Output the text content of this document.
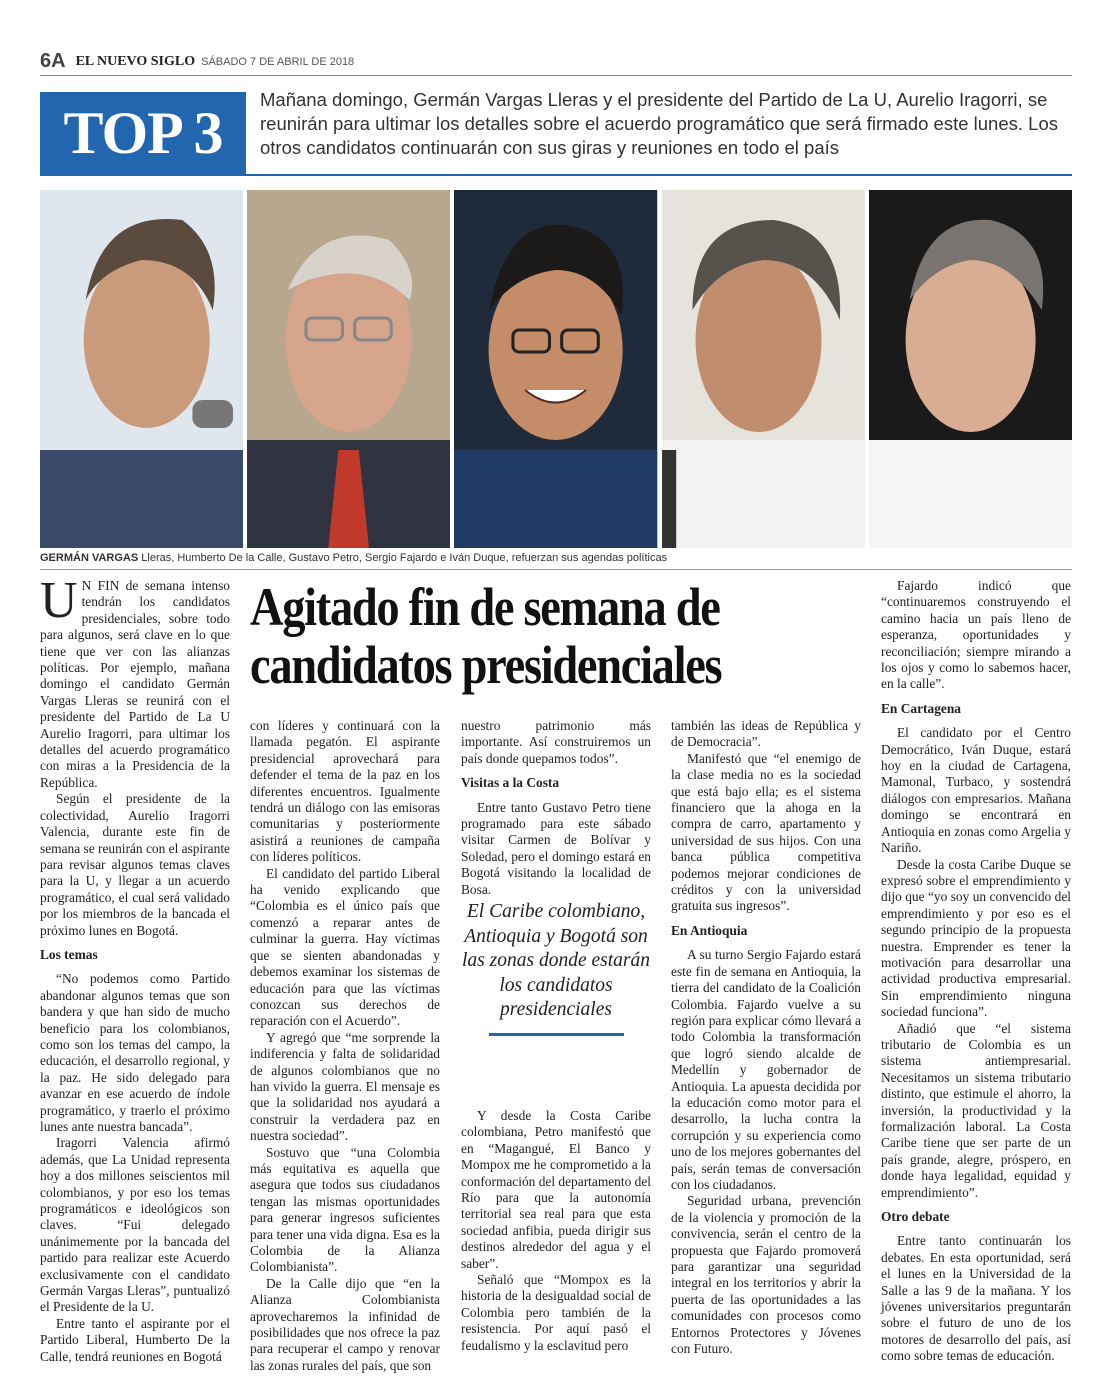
6A EL NUEVO SIGLO SÁBADO 7 DE ABRIL DE 2018
TOP 3	Mañana domingo, Germán Vargas Lleras y el presidente del Partido de La U, Aurelio Iragorri, se reunirán para ultimar los detalles sobre el acuerdo programático que será firmado este lunes. Los otros candidatos continuarán con sus giras y reuniones en todo el país
GERMÁN VARGAS Lleras, Humberto De la Calle, Gustavo Petro, Sergio Fajardo e Iván Duque, refuerzan sus agendas políticas
Agitado fin de semana de
candidatos presidenciales

U N FIN de semana intenso tendrán los candidatos presidenciales, sobre todo para algunos, será clave en lo que tiene que ver con las alianzas políticas. Por ejemplo, mañana domingo el candidato Germán Vargas Lleras se reunirá con el presidente del Partido de La U Aurelio Iragorri, para ultimar los detalles del acuerdo programático con miras a la Presidencia de la República.

Según el presidente de la colectividad, Aurelio Iragorri Valencia, durante este fin de semana se reunirán con el aspirante para revisar algunos temas claves para la U, y llegar a un acuerdo programático, el cual será validado por los miembros de la bancada el próximo lunes en Bogotá.

Los temas

“No podemos como Partido abandonar algunos temas que son bandera y que han sido de mucho beneficio para los colombianos, como son los temas del campo, la educación, el desarrollo regional, y la paz. He sido delegado para avanzar en ese acuerdo de índole programático, y traerlo el próximo lunes ante nuestra bancada”.

Iragorri Valencia afirmó además, que La Unidad representa hoy a dos millones seiscientos mil colombianos, y por eso los temas programáticos e ideológicos son claves. “Fui delegado unánimemente por la bancada del partido para realizar este Acuerdo exclusivamente con el candidato Germán Vargas Lleras”, puntualizó el Presidente de la U.

Entre tanto el aspirante por el Partido Liberal, Humberto De la Calle, tendrá reuniones en Bogotá

con líderes y continuará con la llamada pegatón. El aspirante presidencial aprovechará para defender el tema de la paz en los diferentes encuentros. Igualmente tendrá un diálogo con las emisoras comunitarias y posteriormente asistirá a reuniones de campaña con líderes políticos.

El candidato del partido Liberal ha venido explicando que “Colombia es el único país que comenzó a reparar antes de culminar la guerra. Hay víctimas que se sienten abandonadas y debemos examinar los sistemas de educación para que las víctimas conozcan sus derechos de reparación con el Acuerdo”.

Y agregó que “me sorprende la indiferencia y falta de solidaridad de algunos colombianos que no han vivido la guerra. El mensaje es que la solidaridad nos ayudará a construir la verdadera paz en nuestra sociedad”.

Sostuvo que “una Colombia más equitativa es aquella que asegura que todos sus ciudadanos tengan las mismas oportunidades para generar ingresos suficientes para tener una vida digna. Esa es la Colombia de la Alianza Colombianista”.

De la Calle dijo que “en la Alianza Colombianista aprovecharemos la infinidad de posibilidades que nos ofrece la paz para recuperar el campo y renovar las zonas rurales del país, que son

nuestro patrimonio más importante. Así construiremos un país donde quepamos todos”.

Visitas a la Costa

Entre tanto Gustavo Petro tiene programado para este sábado visitar Carmen de Bolívar y Soledad, pero el domingo estará en Bogotá visitando la localidad de Bosa.

El Caribe colombiano, Antioquia y Bogotá son las zonas donde estarán los candidatos presidenciales

Y desde la Costa Caribe colombiana, Petro manifestó que en “Magangué, El Banco y Mompox me he comprometido a la conformación del departamento del Río para que la autonomía territorial sea real para que esta sociedad anfibia, pueda dirigir sus destinos alrededor del agua y el saber”.

Señaló que “Mompox es la historia de la desigualdad social de Colombia pero también de la resistencia. Por aquí pasó el feudalismo y la esclavitud pero

también las ideas de República y de Democracia”.

Manifestó que “el enemigo de la clase media no es la sociedad que está bajo ella; es el sistema financiero que la ahoga en la compra de carro, apartamento y universidad de sus hijos. Con una banca pública competitiva podemos mejorar condiciones de créditos y con la universidad gratuita sus ingresos”.

En Antioquia

A su turno Sergio Fajardo estará este fin de semana en Antioquia, la tierra del candidato de la Coalición Colombia. Fajardo vuelve a su región para explicar cómo llevará a todo Colombia la transformación que logró siendo alcalde de Medellín y gobernador de Antioquia. La apuesta decidida por la educación como motor para el desarrollo, la lucha contra la corrupción y su experiencia como uno de los mejores gobernantes del país, serán temas de conversación con los ciudadanos.

Seguridad urbana, prevención de la violencia y promoción de la convivencia, serán el centro de la propuesta que Fajardo promoverá para garantizar una seguridad integral en los territorios y abrir la puerta de las oportunidades a las comunidades con procesos como Entornos Protectores y Jóvenes con Futuro.

Fajardo indicó que “continuaremos construyendo el camino hacia un país lleno de esperanza, oportunidades y reconciliación; siempre mirando a los ojos y como lo sabemos hacer, en la calle”.

En Cartagena

El candidato por el Centro Democrático, Iván Duque, estará hoy en la ciudad de Cartagena, Mamonal, Turbaco, y sostendrá diálogos con empresarios. Mañana domingo se encontrará en Antioquia en zonas como Argelia y Nariño.

Desde la costa Caribe Duque se expresó sobre el emprendimiento y dijo que “yo soy un convencido del emprendimiento y por eso es el segundo principio de la propuesta nuestra. Emprender es tener la motivación para desarrollar una actividad productiva empresarial. Sin emprendimiento ninguna sociedad funciona”.

Añadió que “el sistema tributario de Colombia es un sistema antiempresarial. Necesitamos un sistema tributario distinto, que estimule el ahorro, la inversión, la productividad y la formalización laboral. La Costa Caribe tiene que ser parte de un país grande, alegre, próspero, en donde haya legalidad, equidad y emprendimiento”.

Otro debate

Entre tanto continuarán los debates. En esta oportunidad, será el lunes en la Universidad de la Salle a las 9 de la mañana. Y los jóvenes universitarios preguntarán sobre el futuro de uno de los motores de desarrollo del país, así como sobre temas de educación.
